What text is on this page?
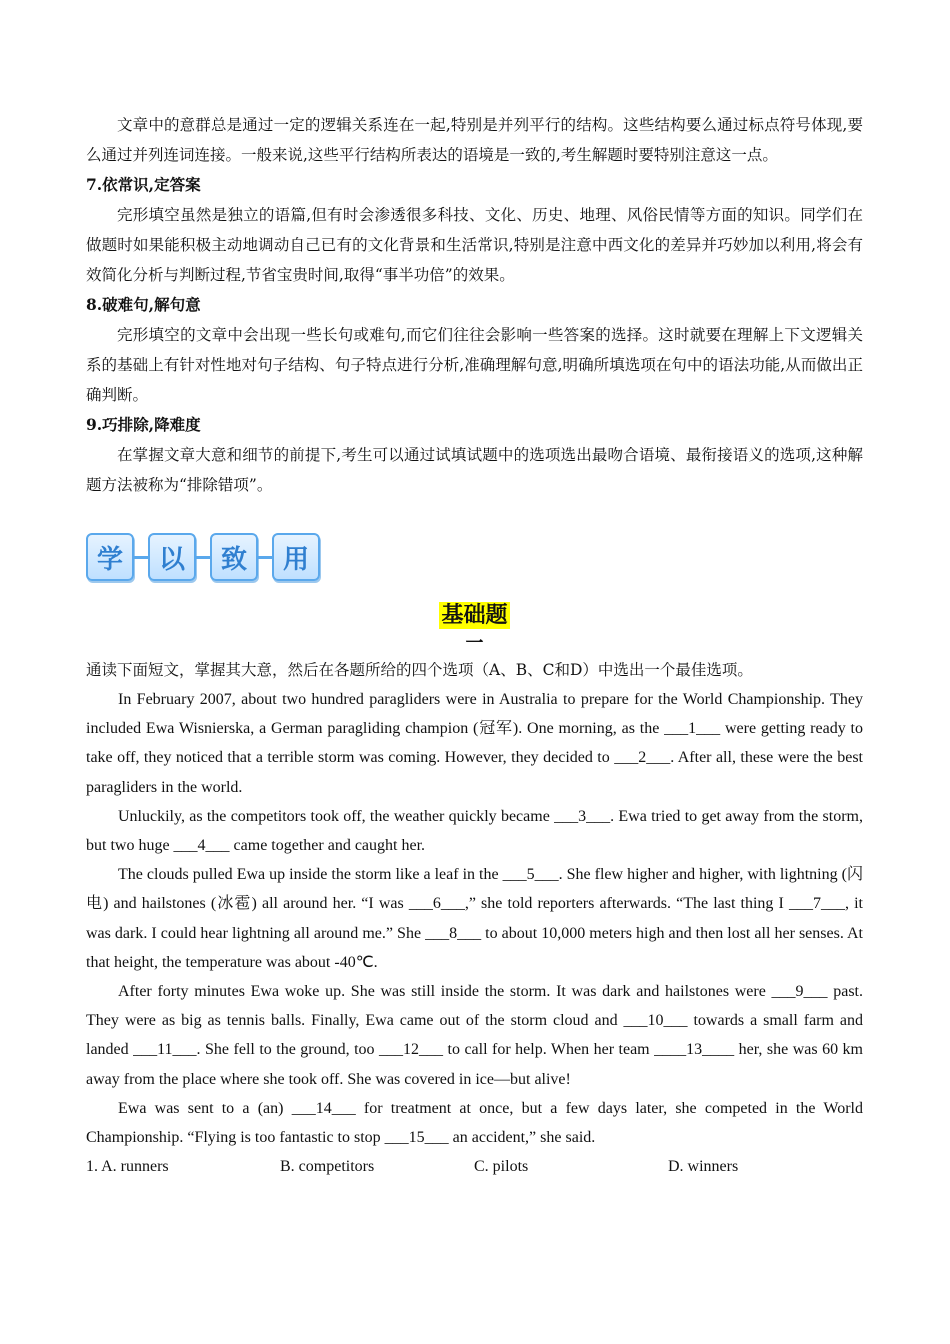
文章中的意群总是通过一定的逻辑关系连在一起,特别是并列平行的结构。这些结构要么通过标点符号体现,要么通过并列连词连接。一般来说,这些平行结构所表达的语境是一致的,考生解题时要特别注意这一点。

7.依常识,定答案

完形填空虽然是独立的语篇,但有时会渗透很多科技、文化、历史、地理、风俗民情等方面的知识。同学们在做题时如果能积极主动地调动自己已有的文化背景和生活常识,特别是注意中西文化的差异并巧妙加以利用,将会有效简化分析与判断过程,节省宝贵时间,取得“事半功倍”的效果。

8.破难句,解句意

完形填空的文章中会出现一些长句或难句,而它们往往会影响一些答案的选择。这时就要在理解上下文逻辑关系的基础上有针对性地对句子结构、句子特点进行分析,准确理解句意,明确所填选项在句中的语法功能,从而做出正确判断。

9.巧排除,降难度

在掌握文章大意和细节的前提下,考生可以通过试填试题中的选项选出最吻合语境、最衔接语义的选项,这种解题方法被称为“排除错项”。

学	以	致	用
基础题
一

通读下面短文，掌握其大意，然后在各题所给的四个选项（A、B、C和D）中选出一个最佳选项。

In February 2007, about two hundred paragliders were in Australia to prepare for the World Championship. They included Ewa Wisnierska, a German paragliding champion (冠军). One morning, as the ___1___ were getting ready to take off, they noticed that a terrible storm was coming. However, they decided to ___2___. After all, these were the best paragliders in the world.

Unluckily, as the competitors took off, the weather quickly became ___3___. Ewa tried to get away from the storm, but two huge ___4___ came together and caught her.

The clouds pulled Ewa up inside the storm like a leaf in the ___5___. She flew higher and higher, with lightning (闪电) and hailstones (冰雹) all around her. “I was ___6___,” she told reporters afterwards. “The last thing I ___7___, it was dark. I could hear lightning all around me.” She ___8___ to about 10,000 meters high and then lost all her senses. At that height, the temperature was about -40℃.

After forty minutes Ewa woke up. She was still inside the storm. It was dark and hailstones were ___9___ past. They were as big as tennis balls. Finally, Ewa came out of the storm cloud and ___10___ towards a small farm and landed ___11___. She fell to the ground, too ___12___ to call for help. When her team ____13____ her, she was 60 km away from the place where she took off. She was covered in ice—but alive!

Ewa was sent to a (an) ___14___ for treatment at once, but a few days later, she competed in the World Championship. “Flying is too fantastic to stop ___15___ an accident,” she said.

1. A. runners	B. competitors	C. pilots	D. winners
